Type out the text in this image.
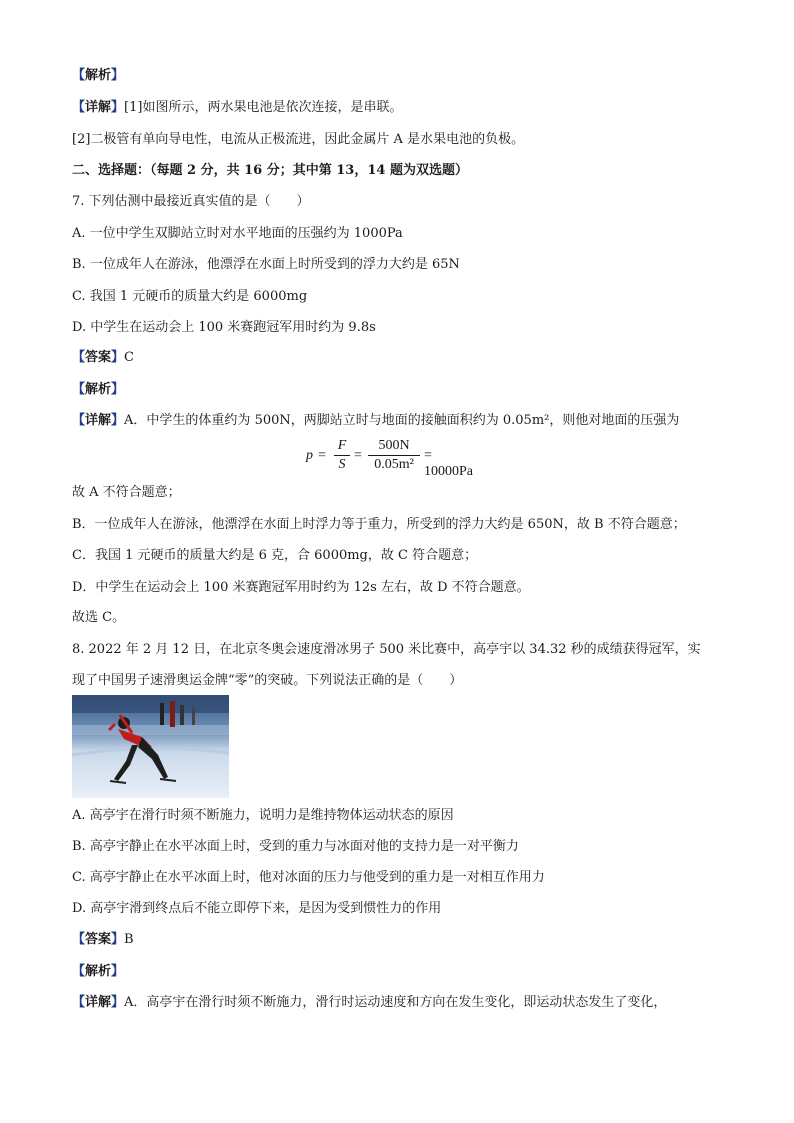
【解析】
【详解】[1]如图所示，两水果电池是依次连接，是串联。
[2]二极管有单向导电性，电流从正极流进，因此金属片 A 是水果电池的负极。
二、选择题：（每题 2 分，共 16 分；其中第 13，14 题为双选题）
7. 下列估测中最接近真实值的是（　　）
A. 一位中学生双脚站立时对水平地面的压强约为 1000Pa
B. 一位成年人在游泳，他漂浮在水面上时所受到的浮力大约是 65N
C. 我国 1 元硬币的质量大约是 6000mg
D. 中学生在运动会上 100 米赛跑冠军用时约为 9.8s
【答案】C
【解析】
【详解】A．中学生的体重约为 500N，两脚站立时与地面的接触面积约为 0.05m²，则他对地面的压强为
p =
F
S
=
500N
0.05m²
= 10000Pa
故 A 不符合题意；
B．一位成年人在游泳，他漂浮在水面上时浮力等于重力，所受到的浮力大约是 650N，故 B 不符合题意；
C．我国 1 元硬币的质量大约是 6 克，合 6000mg，故 C 符合题意；
D．中学生在运动会上 100 米赛跑冠军用时约为 12s 左右，故 D 不符合题意。
故选 C。
8. 2022 年 2 月 12 日，在北京冬奥会速度滑冰男子 500 米比赛中，高亭宇以 34.32 秒的成绩获得冠军，实
现了中国男子速滑奥运金牌“零”的突破。下列说法正确的是（　　）
A. 高亭宇在滑行时须不断施力，说明力是维持物体运动状态的原因
B. 高亭宇静止在水平冰面上时，受到的重力与冰面对他的支持力是一对平衡力
C. 高亭宇静止在水平冰面上时，他对冰面的压力与他受到的重力是一对相互作用力
D. 高亭宇滑到终点后不能立即停下来，是因为受到惯性力的作用
【答案】B
【解析】
【详解】A．高亭宇在滑行时须不断施力，滑行时运动速度和方向在发生变化，即运动状态发生了变化，
